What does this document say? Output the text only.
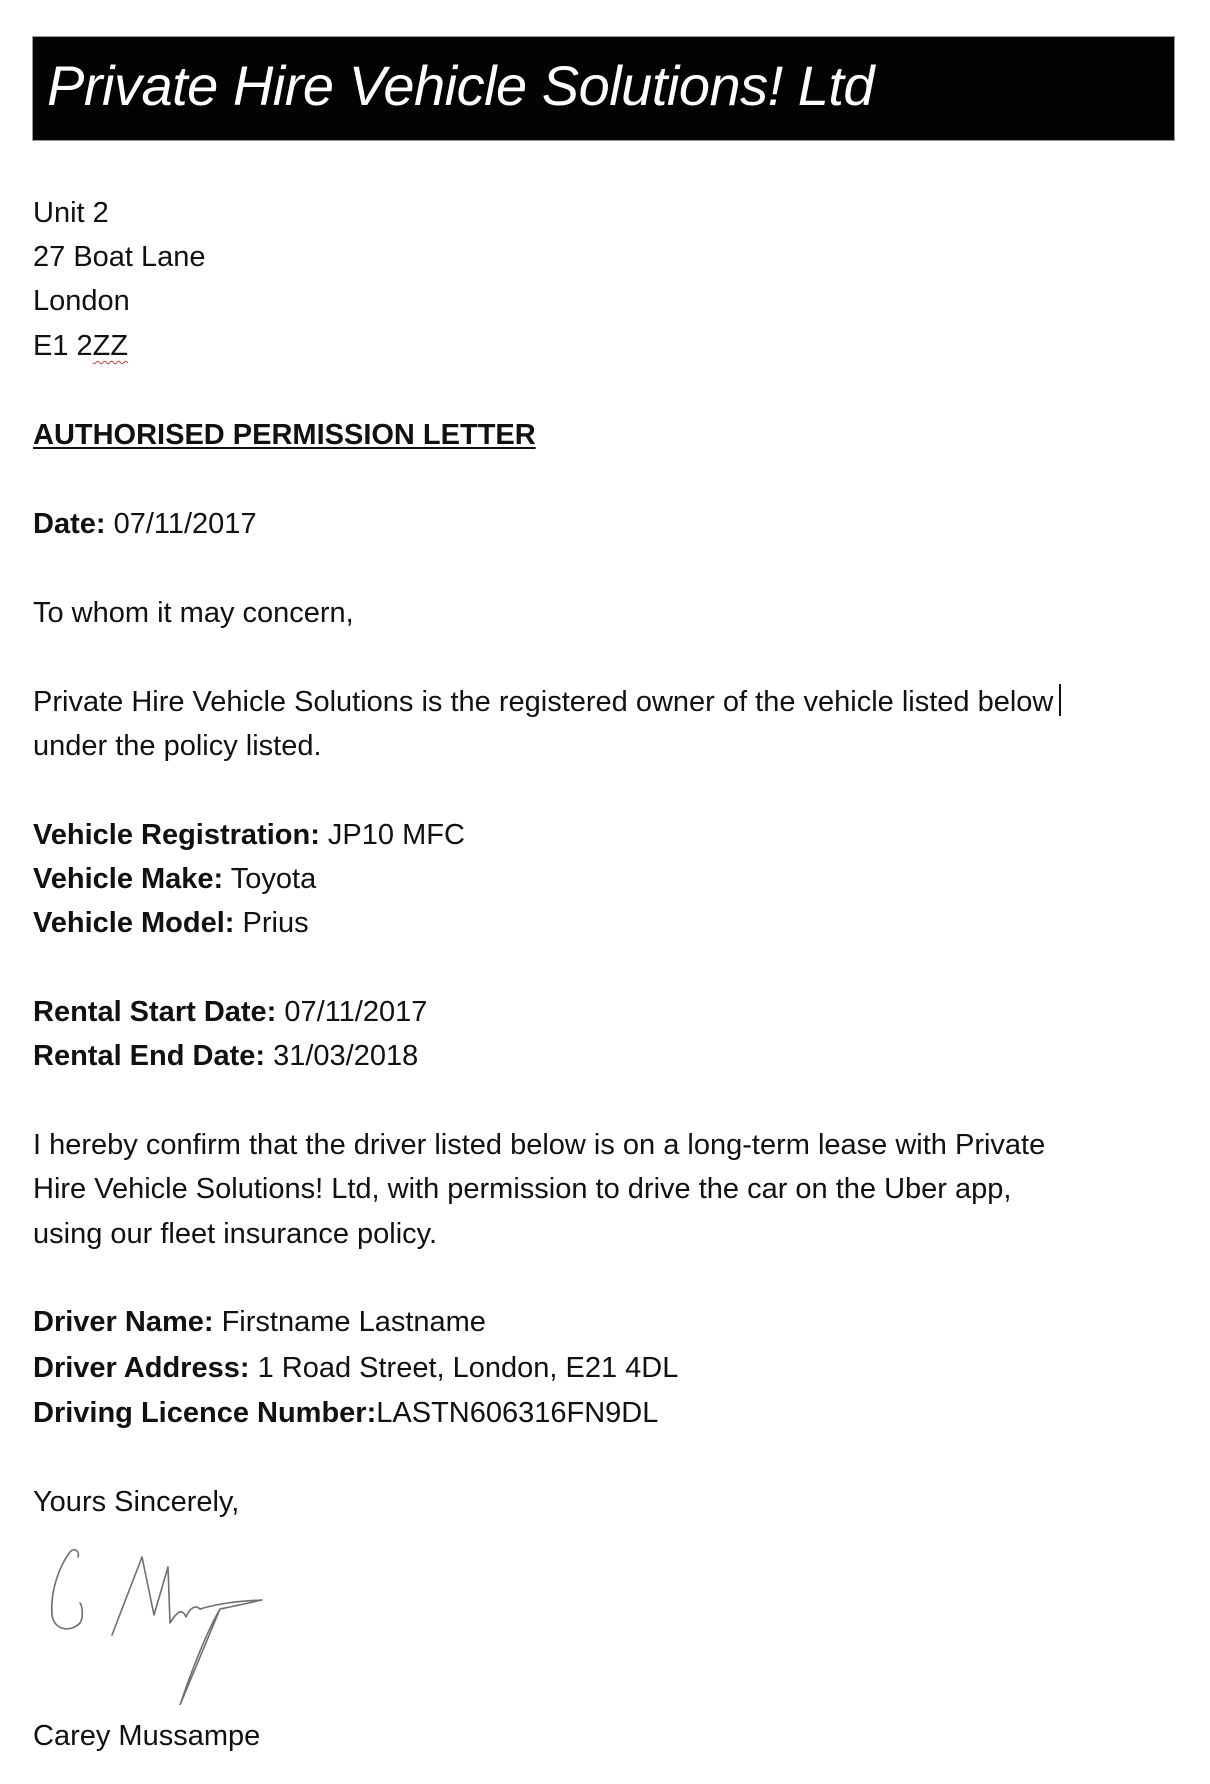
Private Hire Vehicle Solutions! Ltd
Unit 2
27 Boat Lane
London
E1 2ZZ
AUTHORISED PERMISSION LETTER
Date: 07/11/2017
To whom it may concern,
Private Hire Vehicle Solutions is the registered owner of the vehicle listed below
under the policy listed.
Vehicle Registration: JP10 MFC
Vehicle Make: Toyota
Vehicle Model: Prius
Rental Start Date: 07/11/2017
Rental End Date: 31/03/2018
I hereby confirm that the driver listed below is on a long-term lease with Private
Hire Vehicle Solutions! Ltd, with permission to drive the car on the Uber app,
using our fleet insurance policy.
Driver Name: Firstname Lastname
Driver Address: 1 Road Street, London, E21 4DL
Driving Licence Number:LASTN606316FN9DL
Yours Sincerely,
Carey Mussampe
